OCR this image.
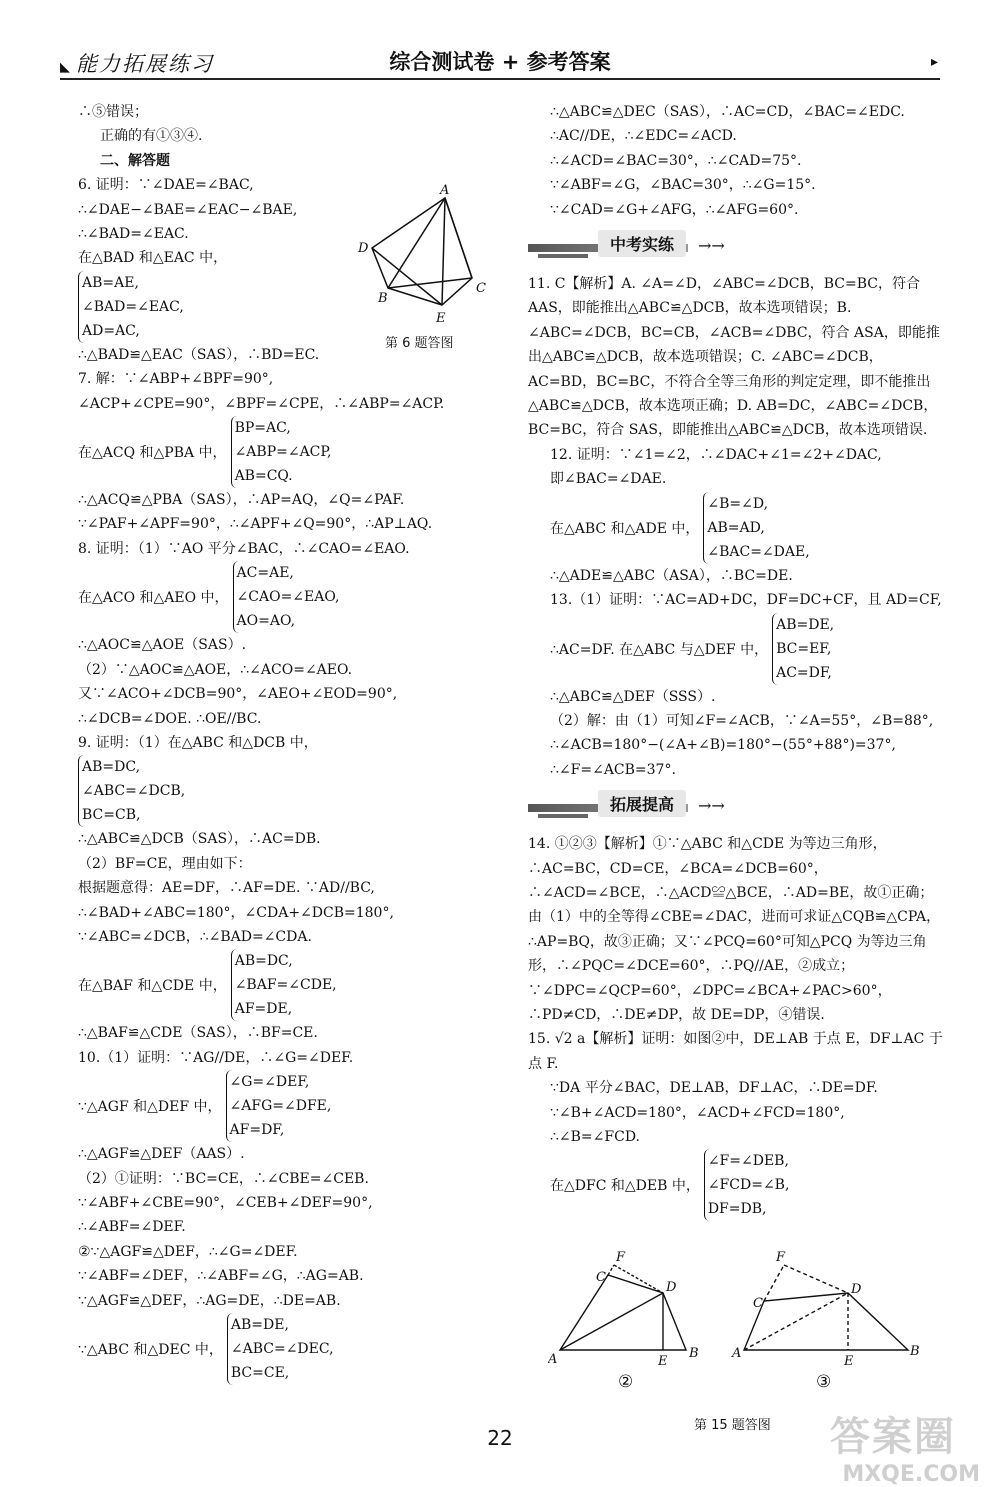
◣ 能力拓展练习	综合测试卷 + 参考答案	▸
∴⑤错误；
正确的有①③④.
二、解答题
6. 证明：∵∠DAE=∠BAC,
∴∠DAE−∠BAE=∠EAC−∠BAE,
∴∠BAD=∠EAC.
在△BAD 和△EAC 中，
AB=AE,
∠BAD=∠EAC,
AD=AC,
∴△BAD≌△EAC（SAS），∴BD=EC.
7. 解：∵∠ABP+∠BPF=90°,
∠ACP+∠CPE=90°，∠BPF=∠CPE，∴∠ABP=∠ACP.
在△ACQ 和△PBA 中，
BP=AC,
∠ABP=∠ACP,
AB=CQ.
∴△ACQ≌△PBA（SAS），∴AP=AQ，∠Q=∠PAF.
∵∠PAF+∠APF=90°，∴∠APF+∠Q=90°，∴AP⊥AQ.
8. 证明：（1）∵AO 平分∠BAC，∴∠CAO=∠EAO.
在△ACO 和△AEO 中，
AC=AE,
∠CAO=∠EAO,
AO=AO,
∴△AOC≌△AOE（SAS）.
（2）∵△AOC≌△AOE，∴∠ACO=∠AEO.
又∵∠ACO+∠DCB=90°，∠AEO+∠EOD=90°,
∴∠DCB=∠DOE. ∴OE//BC.
9. 证明：（1）在△ABC 和△DCB 中，
AB=DC,
∠ABC=∠DCB,
BC=CB,
∴△ABC≌△DCB（SAS），∴AC=DB.
（2）BF=CE，理由如下：
根据题意得：AE=DF，∴AF=DE. ∵AD//BC,
∴∠BAD+∠ABC=180°，∠CDA+∠DCB=180°,
∵∠ABC=∠DCB，∴∠BAD=∠CDA.
在△BAF 和△CDE 中，
AB=DC,
∠BAF=∠CDE,
AF=DE,
∴△BAF≌△CDE（SAS），∴BF=CE.
10.（1）证明：∵AG//DE，∴∠G=∠DEF.
∵△AGF 和△DEF 中，
∠G=∠DEF,
∠AFG=∠DFE,
AF=DF,
∴△AGF≌△DEF（AAS）.
（2）①证明：∵BC=CE，∴∠CBE=∠CEB.
∵∠ABF+∠CBE=90°，∠CEB+∠DEF=90°,
∴∠ABF=∠DEF.
②∵△AGF≌△DEF，∴∠G=∠DEF.
∵∠ABF=∠DEF，∴∠ABF=∠G，∴AG=AB.
∵△AGF≌△DEF，∴AG=DE，∴DE=AB.
∵△ABC 和△DEC 中，
AB=DE,
∠ABC=∠DEC,
BC=CE,
A
D
B
C
E
第 6 题答图
∴△ABC≌△DEC（SAS），∴AC=CD，∠BAC=∠EDC.
∴AC//DE，∴∠EDC=∠ACD.
∴∠ACD=∠BAC=30°，∴∠CAD=75°.
∵∠ABF=∠G，∠BAC=30°，∴∠G=15°.
∵∠CAD=∠G+∠AFG，∴∠AFG=60°.
中考实练	→→
11. C【解析】A. ∠A=∠D，∠ABC=∠DCB，BC=BC，符合 AAS，即能推出△ABC≌△DCB，故本选项错误；B. ∠ABC=∠DCB，BC=CB，∠ACB=∠DBC，符合 ASA，即能推出△ABC≌△DCB，故本选项错误；C. ∠ABC=∠DCB，AC=BD，BC=BC，不符合全等三角形的判定定理，即不能推出△ABC≌△DCB，故本选项正确；D. AB=DC，∠ABC=∠DCB，BC=BC，符合 SAS，即能推出△ABC≌△DCB，故本选项错误.
12. 证明：∵∠1=∠2，∴∠DAC+∠1=∠2+∠DAC,
即∠BAC=∠DAE.
在△ABC 和△ADE 中，
∠B=∠D,
AB=AD,
∠BAC=∠DAE,
∴△ADE≌△ABC（ASA），∴BC=DE.
13.（1）证明：∵AC=AD+DC，DF=DC+CF，且 AD=CF,
∴AC=DF. 在△ABC 与△DEF 中，
AB=DE,
BC=EF,
AC=DF,
∴△ABC≌△DEF（SSS）.
（2）解：由（1）可知∠F=∠ACB，∵∠A=55°，∠B=88°,
∴∠ACB=180°−(∠A+∠B)=180°−(55°+88°)=37°,
∴∠F=∠ACB=37°.
拓展提高	→→
14. ①②③【解析】①∵△ABC 和△CDE 为等边三角形，∴AC=BC，CD=CE，∠BCA=∠DCB=60°，∴∠ACD=∠BCE，∴△ACD≌△BCE，∴AD=BE，故①正确；由（1）中的全等得∠CBE=∠DAC，进而可求证△CQB≌△CPA，∴AP=BQ，故③正确；又∵∠PCQ=60°可知△PCQ 为等边三角形，∴∠PQC=∠DCE=60°，∴PQ//AE，②成立；∵∠DPC=∠QCP=60°，∠DPC=∠BCA+∠PAC>60°，∴PD≠CD，∴DE≠DP，故 DE=DP，④错误.
15. √2 a【解析】证明：如图②中，DE⊥AB 于点 E，DF⊥AC 于点 F.
∵DA 平分∠BAC，DE⊥AB，DF⊥AC，∴DE=DF.
∵∠B+∠ACD=180°，∠ACD+∠FCD=180°,
∴∠B=∠FCD.
在△DFC 和△DEB 中，
∠F=∠DEB,
∠FCD=∠B,
DF=DB,
A
C
F
D
E
B	A
C
F
D
E
B
②	③
第 15 题答图
22	答案圈
MXQE.COM
